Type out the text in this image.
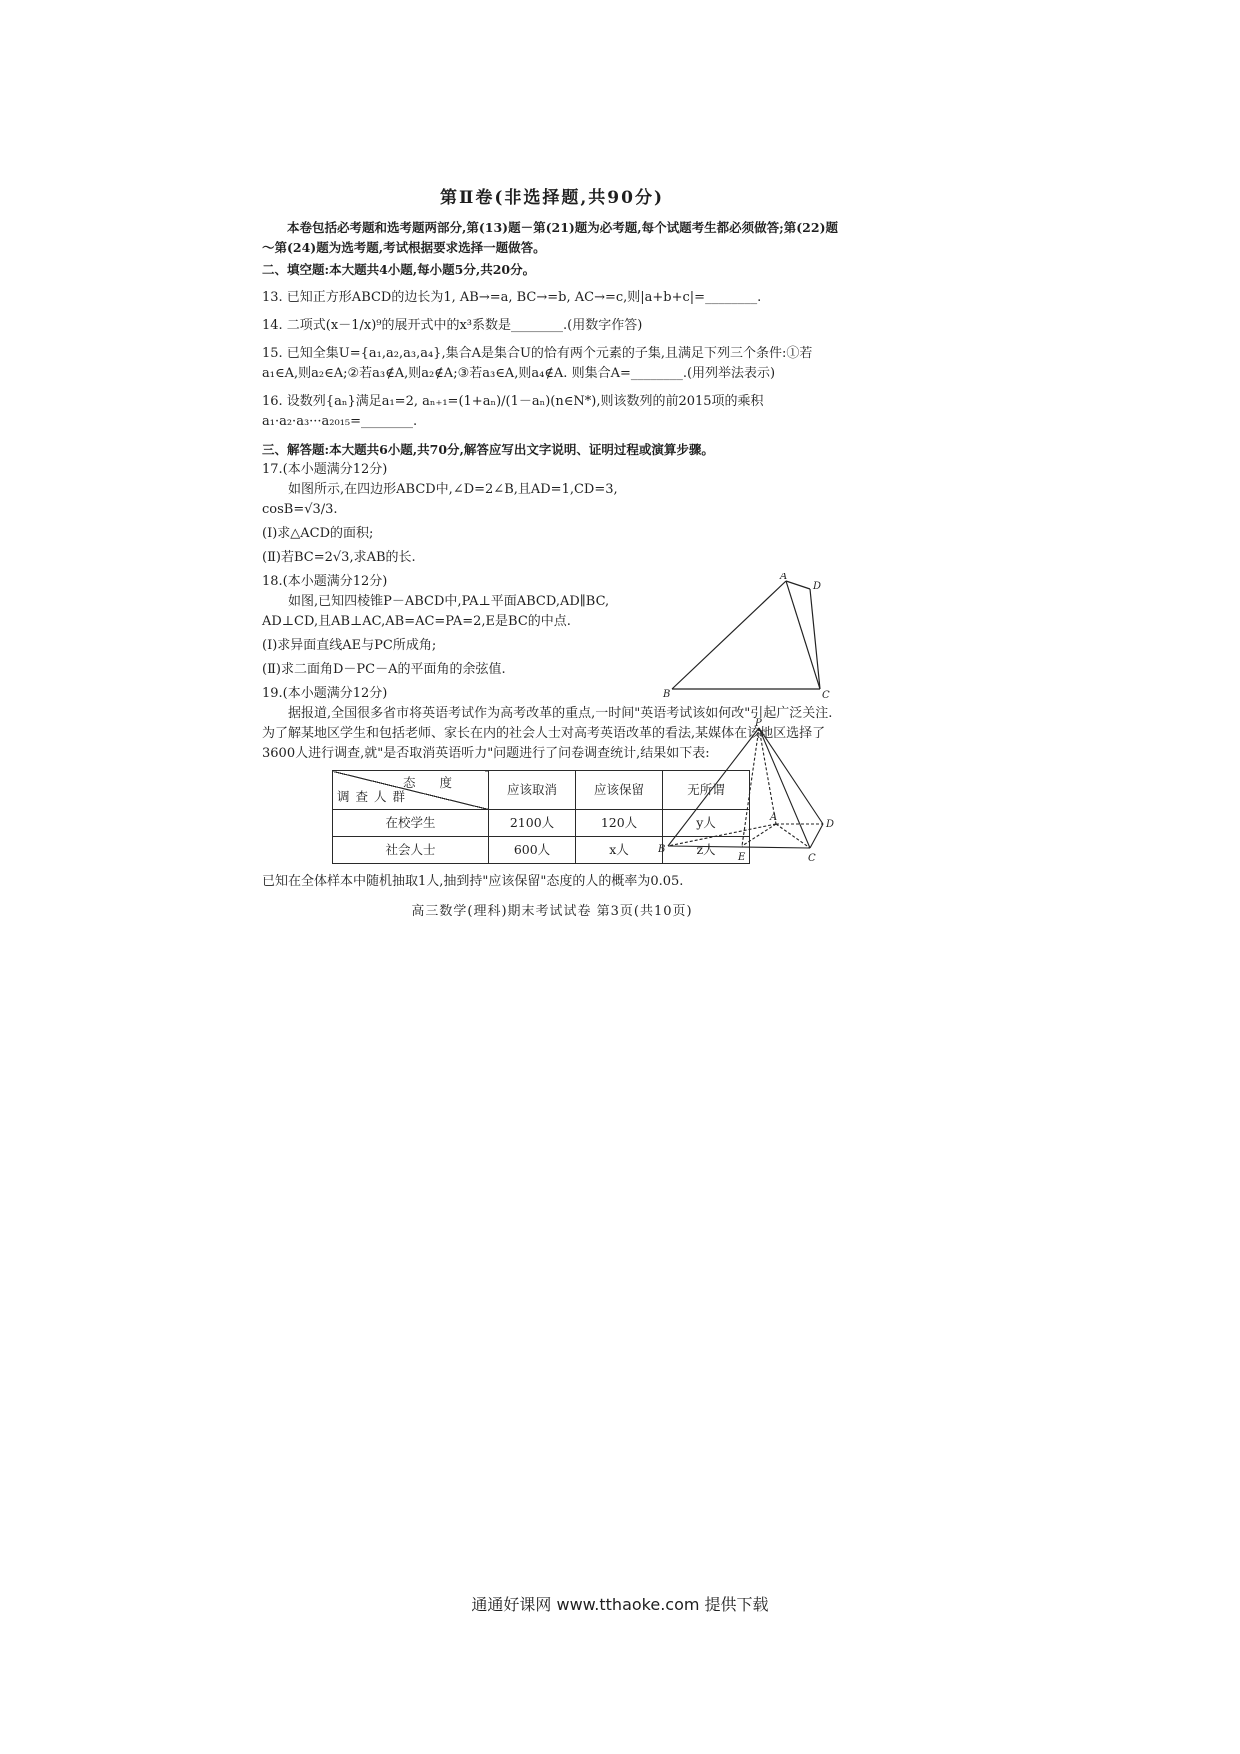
第Ⅱ卷(非选择题,共90分)
本卷包括必考题和选考题两部分,第(13)题－第(21)题为必考题,每个试题考生都必须做答;第(22)题～第(24)题为选考题,考试根据要求选择一题做答。
二、填空题:本大题共4小题,每小题5分,共20分。
13. 已知正方形ABCD的边长为1, AB→=a, BC→=b, AC→=c,则|a+b+c|=________.
14. 二项式(x－1/x)⁹的展开式中的x³系数是________.(用数字作答)
15. 已知全集U={a₁,a₂,a₃,a₄},集合A是集合U的恰有两个元素的子集,且满足下列三个条件:①若a₁∈A,则a₂∈A;②若a₃∉A,则a₂∉A;③若a₃∈A,则a₄∉A. 则集合A=________.(用列举法表示)
16. 设数列{aₙ}满足a₁=2, aₙ₊₁=(1+aₙ)/(1－aₙ)(n∈N*),则该数列的前2015项的乘积a₁·a₂·a₃···a₂₀₁₅=________.
三、解答题:本大题共6小题,共70分,解答应写出文字说明、证明过程或演算步骤。
17.(本小题满分12分)
如图所示,在四边形ABCD中,∠D=2∠B,且AD=1,CD=3, cosB=√3/3.
(Ⅰ)求△ACD的面积;
(Ⅱ)若BC=2√3,求AB的长.
18.(本小题满分12分)
如图,已知四棱锥P－ABCD中,PA⊥平面ABCD,AD∥BC, AD⊥CD,且AB⊥AC,AB=AC=PA=2,E是BC的中点.
(Ⅰ)求异面直线AE与PC所成角;
(Ⅱ)求二面角D－PC－A的平面角的余弦值.
19.(本小题满分12分)
据报道,全国很多省市将英语考试作为高考改革的重点,一时间"英语考试该如何改"引起广泛关注. 为了解某地区学生和包括老师、家长在内的社会人士对高考英语改革的看法,某媒体在该地区选择了3600人进行调查,就"是否取消英语听力"问题进行了问卷调查统计,结果如下表:
态度
调查人群	应该取消	应该保留	无所谓
在校学生	2100人	120人	y人
社会人士	600人	x人	z人
已知在全体样本中随机抽取1人,抽到持"应该保留"态度的人的概率为0.05.
高三数学(理科)期末考试试卷 第3页(共10页)
A
B	C
D
P
A
B
C
D
E
通通好课网 www.tthaoke.com 提供下载
